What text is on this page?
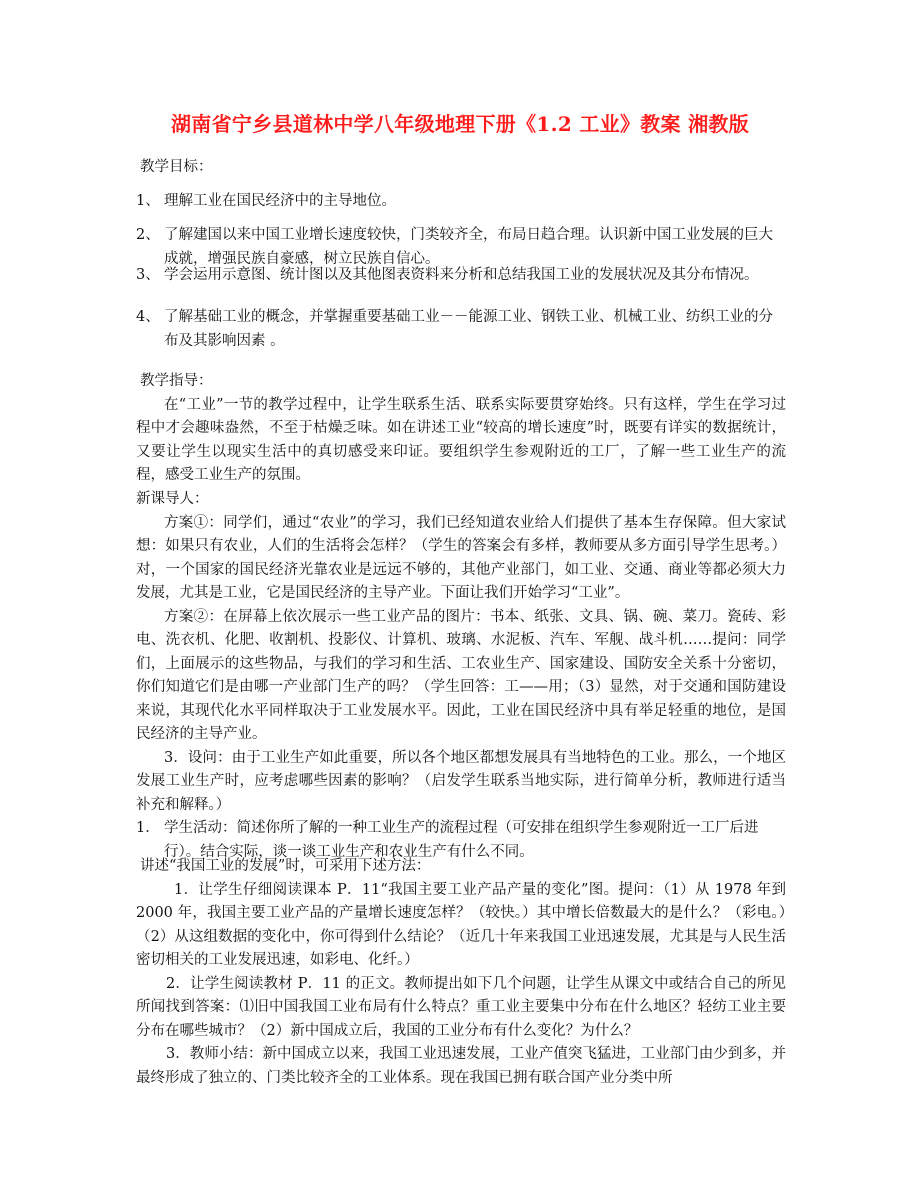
湖南省宁乡县道林中学八年级地理下册《1.2 工业》教案 湘教版
教学目标：
1、 理解工业在国民经济中的主导地位。
2、 了解建国以来中国工业增长速度较快，门类较齐全，布局日趋合理。认识新中国工业发展的巨大成就，增强民族自豪感，树立民族自信心。
3、 学会运用示意图、统计图以及其他图表资料来分析和总结我国工业的发展状况及其分布情况。
4、 了解基础工业的概念，并掌握重要基础工业－－能源工业、钢铁工业、机械工业、纺织工业的分布及其影响因素 。
教学指导：

在“工业”一节的教学过程中，让学生联系生活、联系实际要贯穿始终。只有这样，学生在学习过程中才会趣味盎然，不至于枯燥乏味。如在讲述工业“较高的增长速度”时，既要有详实的数据统计，又要让学生以现实生活中的真切感受来印证。要组织学生参观附近的工厂，了解一些工业生产的流程，感受工业生产的氛围。

新课导人：

方案①：同学们，通过“农业”的学习，我们已经知道农业给人们提供了基本生存保障。但大家试想：如果只有农业，人们的生活将会怎样？（学生的答案会有多样，教师要从多方面引导学生思考。）对，一个国家的国民经济光靠农业是远远不够的，其他产业部门，如工业、交通、商业等都必须大力发展，尤其是工业，它是国民经济的主导产业。下面让我们开始学习“工业”。

方案②：在屏幕上依次展示一些工业产品的图片：书本、纸张、文具、锅、碗、菜刀。瓷砖、彩电、洗衣机、化肥、收割机、投影仪、计算机、玻璃、水泥板、汽车、军舰、战斗机……提问：同学们，上面展示的这些物品，与我们的学习和生活、工农业生产、国家建设、国防安全关系十分密切，你们知道它们是由哪一产业部门生产的吗？（学生回答：工——用；（3）显然，对于交通和国防建设来说，其现代化水平同样取决于工业发展水平。因此，工业在国民经济中具有举足轻重的地位，是国民经济的主导产业。

3．设问：由于工业生产如此重要，所以各个地区都想发展具有当地特色的工业。那么，一个地区发展工业生产时，应考虑哪些因素的影响？（启发学生联系当地实际，进行简单分析，教师进行适当补充和解释。）

1． 学生活动：简述你所了解的一种工业生产的流程过程（可安排在组织学生参观附近一工厂后进行）。结合实际，谈一谈工业生产和农业生产有什么不同。
讲述“我国工业的发展”时，可采用下述方法：

1．让学生仔细阅读课本 P．11“我国主要工业产品产量的变化”图。提问：（1）从 1978 年到 2000 年，我国主要工业产品的产量增长速度怎样？（较快。）其中增长倍数最大的是什么？（彩电。）（2）从这组数据的变化中，你可得到什么结论？（近几十年来我国工业迅速发展，尤其是与人民生活密切相关的工业发展迅速，如彩电、化纤。）

2．让学生阅读教材 P．11 的正文。教师提出如下几个问题，让学生从课文中或结合自己的所见所闻找到答案：⑴旧中国我国工业布局有什么特点？重工业主要集中分布在什么地区？轻纺工业主要分布在哪些城市？（2）新中国成立后，我国的工业分布有什么变化？为什么？

3．教师小结：新中国成立以来，我国工业迅速发展，工业产值突飞猛进，工业部门由少到多，并最终形成了独立的、门类比较齐全的工业体系。现在我国已拥有联合国产业分类中所
